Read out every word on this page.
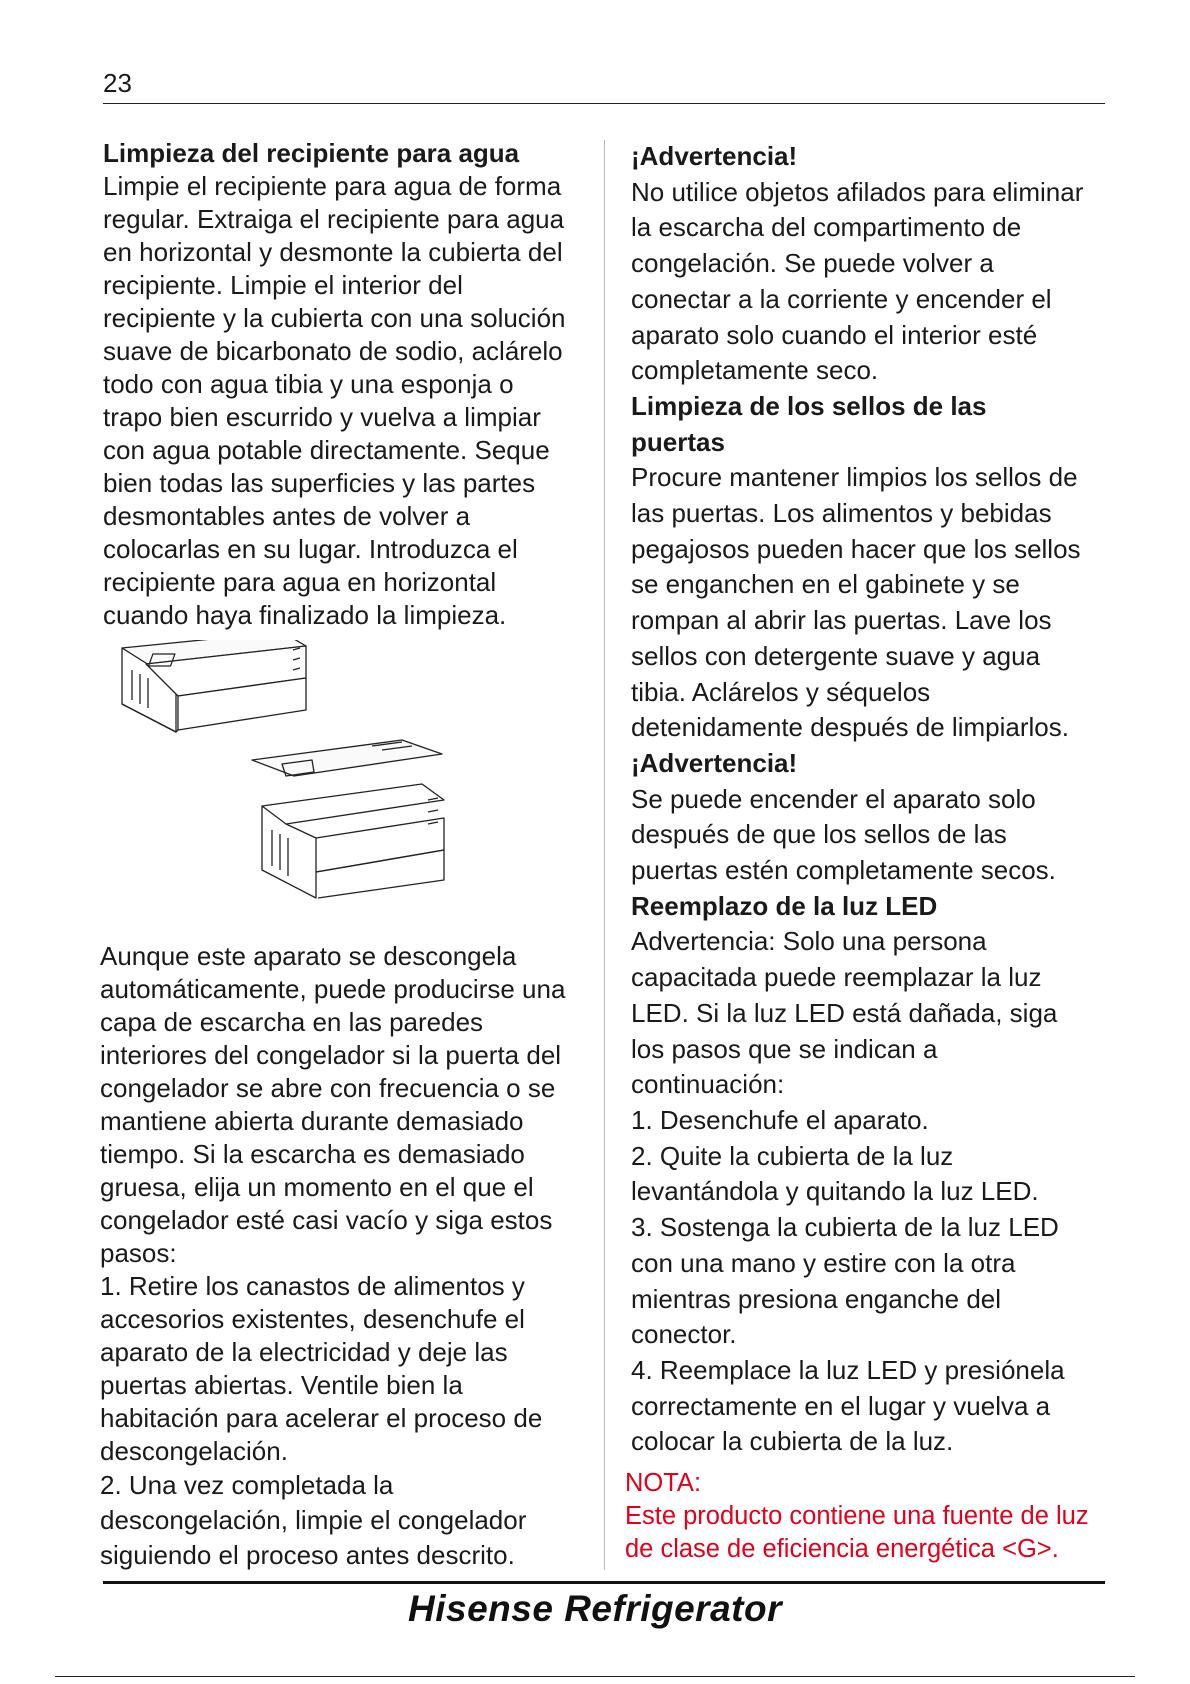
23
Limpieza del recipiente para agua
Limpie el recipiente para agua de forma
regular. Extraiga el recipiente para agua
en horizontal y desmonte la cubierta del
recipiente. Limpie el interior del
recipiente y la cubierta con una solución
suave de bicarbonato de sodio, aclárelo
todo con agua tibia y una esponja o
trapo bien escurrido y vuelva a limpiar
con agua potable directamente. Seque
bien todas las superficies y las partes
desmontables antes de volver a
colocarlas en su lugar. Introduzca el
recipiente para agua en horizontal
cuando haya finalizado la limpieza.
Aunque este aparato se descongela
automáticamente, puede producirse una
capa de escarcha en las paredes
interiores del congelador si la puerta del
congelador se abre con frecuencia o se
mantiene abierta durante demasiado
tiempo. Si la escarcha es demasiado
gruesa, elija un momento en el que el
congelador esté casi vacío y siga estos
pasos:
1. Retire los canastos de alimentos y
accesorios existentes, desenchufe el
aparato de la electricidad y deje las
puertas abiertas. Ventile bien la
habitación para acelerar el proceso de
descongelación.
2. Una vez completada la
descongelación, limpie el congelador
siguiendo el proceso antes descrito.
¡Advertencia!
No utilice objetos afilados para eliminar
la escarcha del compartimento de
congelación. Se puede volver a
conectar a la corriente y encender el
aparato solo cuando el interior esté
completamente seco.
Limpieza de los sellos de las
puertas
Procure mantener limpios los sellos de
las puertas. Los alimentos y bebidas
pegajosos pueden hacer que los sellos
se enganchen en el gabinete y se
rompan al abrir las puertas. Lave los
sellos con detergente suave y agua
tibia. Aclárelos y séquelos
detenidamente después de limpiarlos.
¡Advertencia!
Se puede encender el aparato solo
después de que los sellos de las
puertas estén completamente secos.
Reemplazo de la luz LED
Advertencia: Solo una persona
capacitada puede reemplazar la luz
LED. Si la luz LED está dañada, siga
los pasos que se indican a
continuación:
1. Desenchufe el aparato.
2. Quite la cubierta de la luz
levantándola y quitando la luz LED.
3. Sostenga la cubierta de la luz LED
con una mano y estire con la otra
mientras presiona enganche del
conector.
4. Reemplace la luz LED y presiónela
correctamente en el lugar y vuelva a
colocar la cubierta de la luz.
NOTA:
Este producto contiene una fuente de luz
de clase de eficiencia energética <G>.
Hisense Refrigerator
